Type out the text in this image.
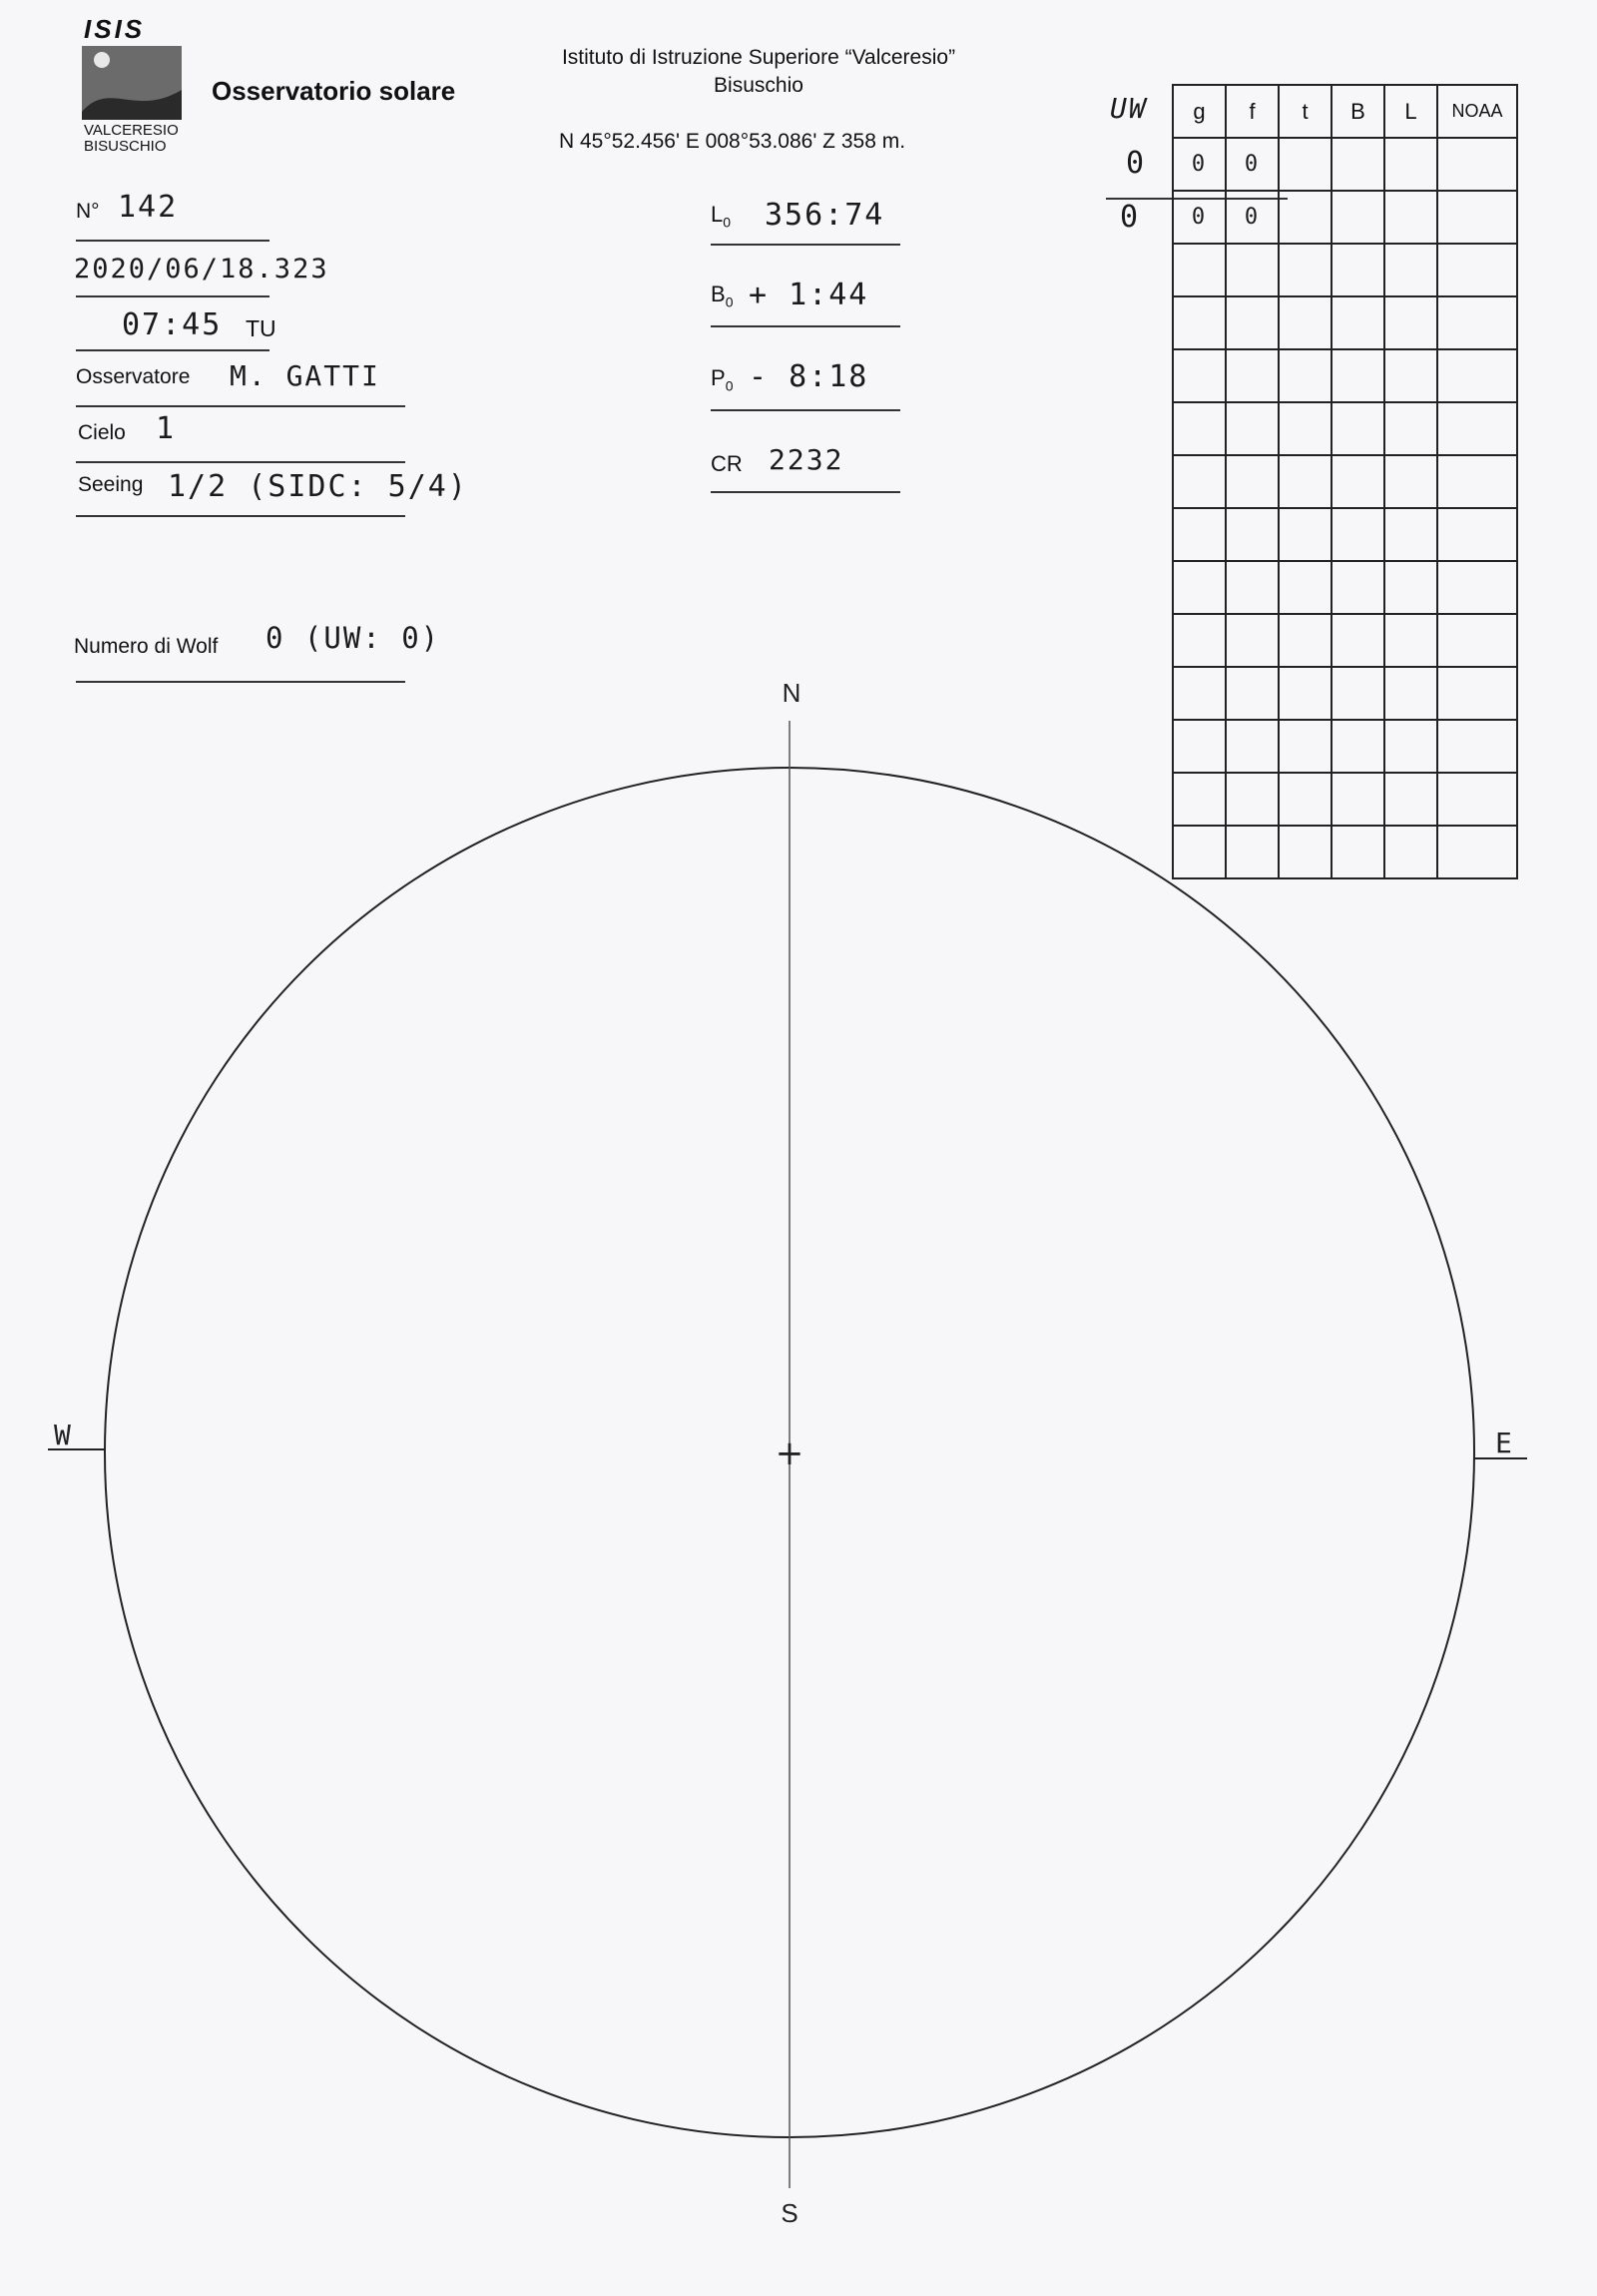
ISIS
VALCERESIO
BISUSCHIO
Osservatorio solare
Istituto di Istruzione Superiore “Valceresio”
Bisuschio
N 45°52.456' E 008°53.086' Z 358 m.
N° 142
2020/06/18.323
07:45 TU
Osservatore M. GATTI
Cielo 1
Seeing 1/2 (SIDC: 5/4)
Numero di Wolf 0 (UW: 0)
$L_0$ 356:74
$B_0$ + 1:44
$P_0$ - 8:18
CR 2232
UW
0
0
g	f	t	B	L	NOAA
0	0				
0	0				

+
N
S
W	E
